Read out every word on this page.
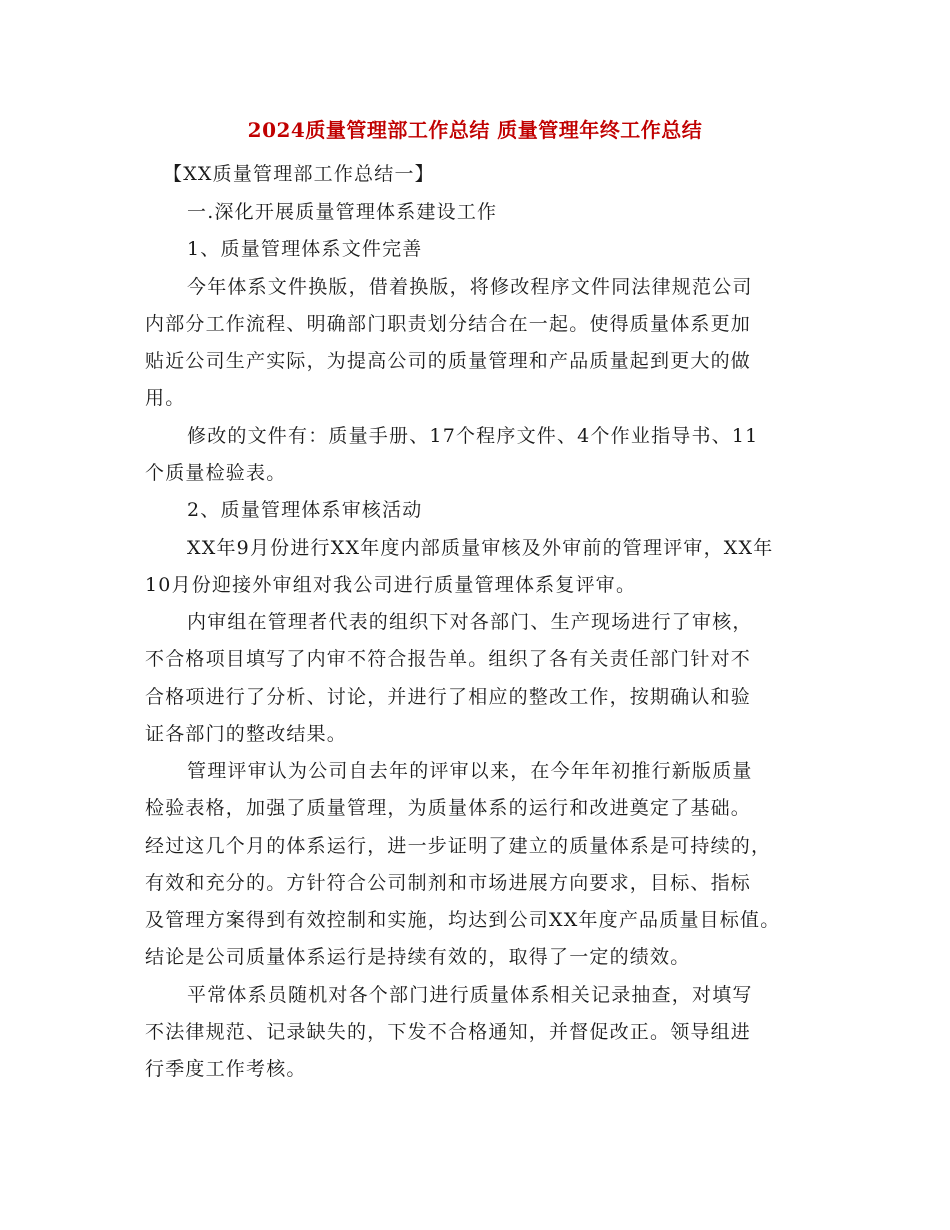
2024质量管理部工作总结 质量管理年终工作总结
【XX质量管理部工作总结一】
一.深化开展质量管理体系建设工作
1、质量管理体系文件完善
今年体系文件换版，借着换版，将修改程序文件同法律规范公司
内部分工作流程、明确部门职责划分结合在一起。使得质量体系更加
贴近公司生产实际，为提高公司的质量管理和产品质量起到更大的做
用。
修改的文件有：质量手册、17个程序文件、4个作业指导书、11
个质量检验表。
2、质量管理体系审核活动
XX年9月份进行XX年度内部质量审核及外审前的管理评审，XX年
10月份迎接外审组对我公司进行质量管理体系复评审。
内审组在管理者代表的组织下对各部门、生产现场进行了审核，
不合格项目填写了内审不符合报告单。组织了各有关责任部门针对不
合格项进行了分析、讨论，并进行了相应的整改工作，按期确认和验
证各部门的整改结果。
管理评审认为公司自去年的评审以来，在今年年初推行新版质量
检验表格，加强了质量管理，为质量体系的运行和改进奠定了基础。
经过这几个月的体系运行，进一步证明了建立的质量体系是可持续的，
有效和充分的。方针符合公司制剂和市场进展方向要求，目标、指标
及管理方案得到有效控制和实施，均达到公司XX年度产品质量目标值。
结论是公司质量体系运行是持续有效的，取得了一定的绩效。
平常体系员随机对各个部门进行质量体系相关记录抽查，对填写
不法律规范、记录缺失的，下发不合格通知，并督促改正。领导组进
行季度工作考核。
